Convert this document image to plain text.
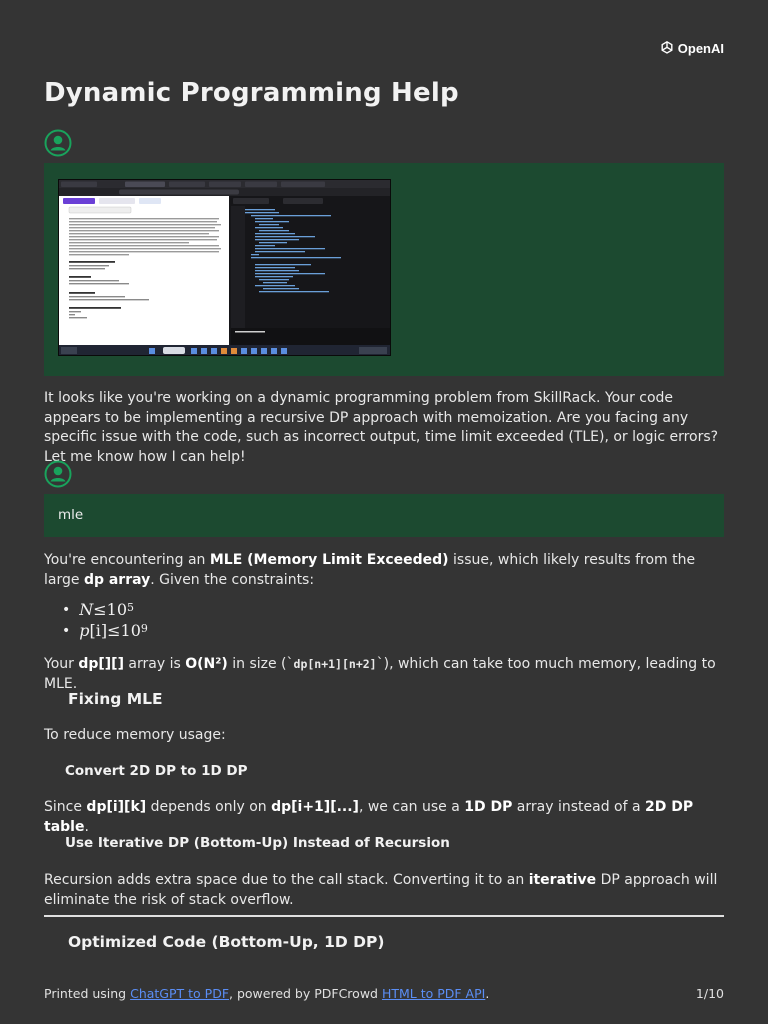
OpenAI
Dynamic Programming Help

It looks like you're working on a dynamic programming problem from SkillRack. Your code appears to be implementing a recursive DP approach with memoization. Are you facing any specific issue with the code, such as incorrect output, time limit exceeded (TLE), or logic errors? Let me know how I can help!

mle

You're encountering an MLE (Memory Limit Exceeded) issue, which likely results from the large dp array. Given the constraints:

• $N \le 10^5$
• p $[i] \le 10^9$

Your dp[][] array is O(N²) in size (`dp[n+1][n+2]`), which can take too much memory, leading to MLE.

Fixing MLE

To reduce memory usage:

Convert 2D DP to 1D DP

Since dp[i][k] depends only on dp[i+1][...], we can use a 1D DP array instead of a 2D DP table.

Use Iterative DP (Bottom-Up) Instead of Recursion

Recursion adds extra space due to the call stack. Converting it to an iterative DP approach will eliminate the risk of stack overflow.

Optimized Code (Bottom-Up, 1D DP)
Printed using ChatGPT to PDF, powered by PDFCrowd HTML to PDF API.	1/10
